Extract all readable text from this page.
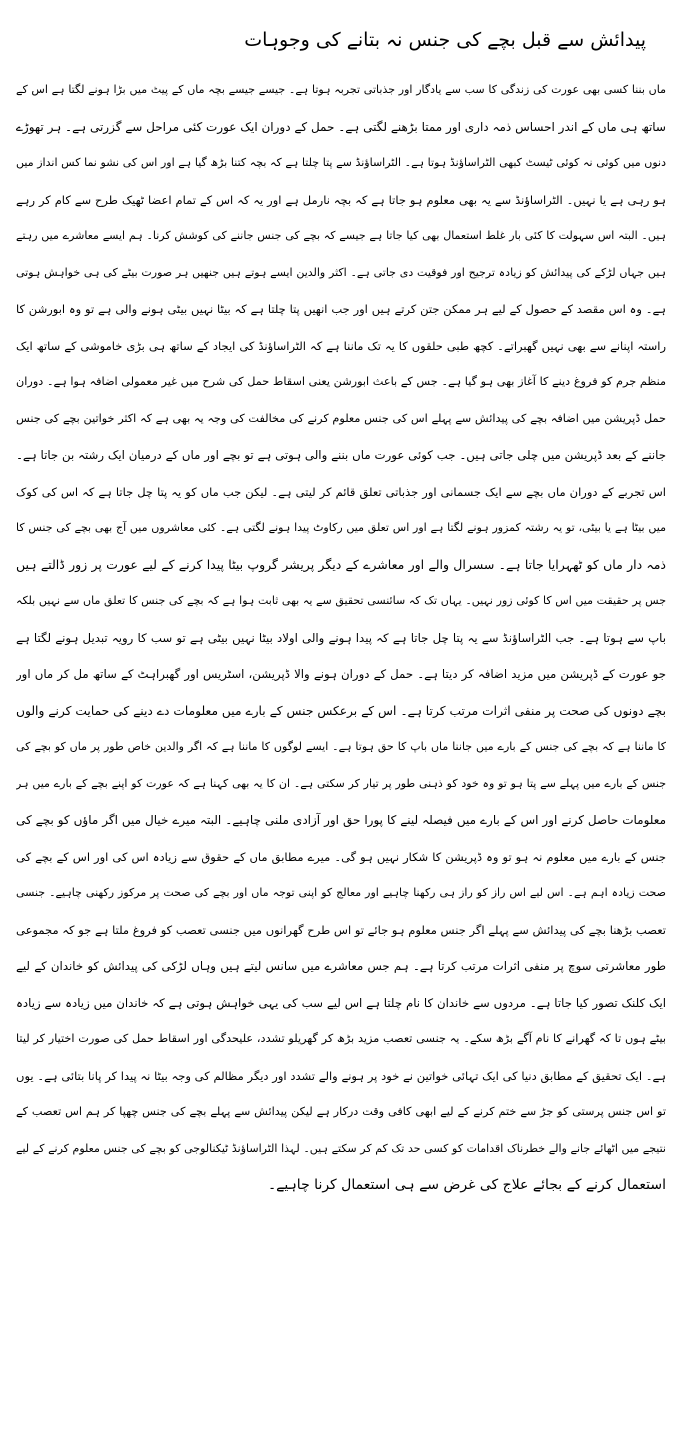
پیدائش سے قبل بچے کی جنس نہ بتانے کی وجوہات
ماں بننا کسی بھی عورت کی زندگی کا سب سے یادگار اور جذباتی تجربہ ہوتا ہے۔ جیسے جیسے بچہ ماں کے پیٹ میں بڑا ہونے لگتا ہے اس کے
ساتھ ہی ماں کے اندر احساس ذمہ داری اور ممتا بڑھنے لگتی ہے۔ حمل کے دوران ایک عورت کئی مراحل سے گزرتی ہے۔ ہر تھوڑے
دنوں میں کوئی نہ کوئی ٹیسٹ کبھی الٹراساؤنڈ ہوتا ہے۔ الٹراساؤنڈ سے پتا چلتا ہے کہ بچہ کتنا بڑھ گیا ہے اور اس کی نشو نما کس انداز میں
ہو رہی ہے یا نہیں۔ الٹراساؤنڈ سے یہ بھی معلوم ہو جاتا ہے کہ بچہ نارمل ہے اور یہ کہ اس کے تمام اعضا ٹھیک طرح سے کام کر رہے
ہیں۔ البتہ اس سہولت کا کئی بار غلط استعمال بھی کیا جاتا ہے جیسے کہ بچے کی جنس جاننے کی کوشش کرنا۔ ہم ایسے معاشرے میں رہتے
ہیں جہاں لڑکے کی پیدائش کو زیادہ ترجیح اور فوقیت دی جاتی ہے۔ اکثر والدین ایسے ہوتے ہیں جنھیں ہر صورت بیٹے کی ہی خواہش ہوتی
ہے۔ وہ اس مقصد کے حصول کے لیے ہر ممکن جتن کرتے ہیں اور جب انھیں پتا چلتا ہے کہ بیٹا نہیں بیٹی ہونے والی ہے تو وہ ابورشن کا
راستہ اپنانے سے بھی نہیں گھبراتے۔ کچھ طبی حلقوں کا یہ تک ماننا ہے کہ الٹراساؤنڈ کی ایجاد کے ساتھ ہی بڑی خاموشی کے ساتھ ایک
منظم جرم کو فروغ دینے کا آغاز بھی ہو گیا ہے۔ جس کے باعث ابورشن یعنی اسقاط حمل کی شرح میں غیر معمولی اضافہ ہوا ہے۔ دوران
حمل ڈپریشن میں اضافہ بچے کی پیدائش سے پہلے اس کی جنس معلوم کرنے کی مخالفت کی وجہ یہ بھی ہے کہ اکثر خواتین بچے کی جنس
جاننے کے بعد ڈپریشن میں چلی جاتی ہیں۔ جب کوئی عورت ماں بننے والی ہوتی ہے تو بچے اور ماں کے درمیان ایک رشتہ بن جاتا ہے۔
اس تجربے کے دوران ماں بچے سے ایک جسمانی اور جذباتی تعلق قائم کر لیتی ہے۔ لیکن جب ماں کو یہ پتا چل جاتا ہے کہ اس کی کوک
میں بیٹا ہے یا بیٹی، تو یہ رشتہ کمزور ہونے لگتا ہے اور اس تعلق میں رکاوٹ پیدا ہونے لگتی ہے۔ کئی معاشروں میں آج بھی بچے کی جنس کا
ذمہ دار ماں کو ٹھہرایا جاتا ہے۔ سسرال والے اور معاشرے کے دیگر پریشر گروپ بیٹا پیدا کرنے کے لیے عورت پر زور ڈالتے ہیں
جس پر حقیقت میں اس کا کوئی زور نہیں۔ یہاں تک کہ سائنسی تحقیق سے یہ بھی ثابت ہوا ہے کہ بچے کی جنس کا تعلق ماں سے نہیں بلکہ
باپ سے ہوتا ہے۔ جب الٹراساؤنڈ سے یہ پتا چل جاتا ہے کہ پیدا ہونے والی اولاد بیٹا نہیں بیٹی ہے تو سب کا رویہ تبدیل ہونے لگتا ہے
جو عورت کے ڈپریشن میں مزید اضافہ کر دیتا ہے۔ حمل کے دوران ہونے والا ڈپریشن، اسٹریس اور گھبراہٹ کے ساتھ مل کر ماں اور
بچے دونوں کی صحت پر منفی اثرات مرتب کرتا ہے۔ اس کے برعکس جنس کے بارے میں معلومات دے دینے کی حمایت کرنے والوں
کا ماننا ہے کہ بچے کی جنس کے بارے میں جاننا ماں باپ کا حق ہوتا ہے۔ ایسے لوگوں کا ماننا ہے کہ اگر والدین خاص طور پر ماں کو بچے کی
جنس کے بارے میں پہلے سے پتا ہو تو وہ خود کو ذہنی طور پر تیار کر سکتی ہے۔ ان کا یہ بھی کہنا ہے کہ عورت کو اپنے بچے کے بارے میں ہر
معلومات حاصل کرنے اور اس کے بارے میں فیصلہ لینے کا پورا حق اور آزادی ملنی چاہیے۔ البتہ میرے خیال میں اگر ماؤں کو بچے کی
جنس کے بارے میں معلوم نہ ہو تو وہ ڈپریشن کا شکار نہیں ہو گی۔ میرے مطابق ماں کے حقوق سے زیادہ اس کی اور اس کے بچے کی
صحت زیادہ اہم ہے۔ اس لیے اس راز کو راز ہی رکھنا چاہیے اور معالج کو اپنی توجہ ماں اور بچے کی صحت پر مرکوز رکھنی چاہیے۔ جنسی
تعصب بڑھنا بچے کی پیدائش سے پہلے اگر جنس معلوم ہو جائے تو اس طرح گھرانوں میں جنسی تعصب کو فروغ ملتا ہے جو کہ مجموعی
طور معاشرتی سوچ پر منفی اثرات مرتب کرتا ہے۔ ہم جس معاشرے میں سانس لیتے ہیں وہاں لڑکی کی پیدائش کو خاندان کے لیے
ایک کلنک تصور کیا جاتا ہے۔ مردوں سے خاندان کا نام چلتا ہے اس لیے سب کی یہی خواہش ہوتی ہے کہ خاندان میں زیادہ سے زیادہ
بیٹے ہوں تا کہ گھرانے کا نام آگے بڑھ سکے۔ یہ جنسی تعصب مزید بڑھ کر گھریلو تشدد، علیحدگی اور اسقاط حمل کی صورت اختیار کر لیتا
ہے۔ ایک تحقیق کے مطابق دنیا کی ایک تہائی خواتین نے خود پر ہونے والے تشدد اور دیگر مظالم کی وجہ بیٹا نہ پیدا کر پانا بتائی ہے۔ یوں
تو اس جنس پرستی کو جڑ سے ختم کرنے کے لیے ابھی کافی وقت درکار ہے لیکن پیدائش سے پہلے بچے کی جنس چھپا کر ہم اس تعصب کے
نتیجے میں اٹھائے جانے والے خطرناک اقدامات کو کسی حد تک کم کر سکتے ہیں۔ لہذا الٹراساؤنڈ ٹیکنالوجی کو بچے کی جنس معلوم کرنے کے لیے
استعمال کرنے کے بجائے علاج کی غرض سے ہی استعمال کرنا چاہیے۔
